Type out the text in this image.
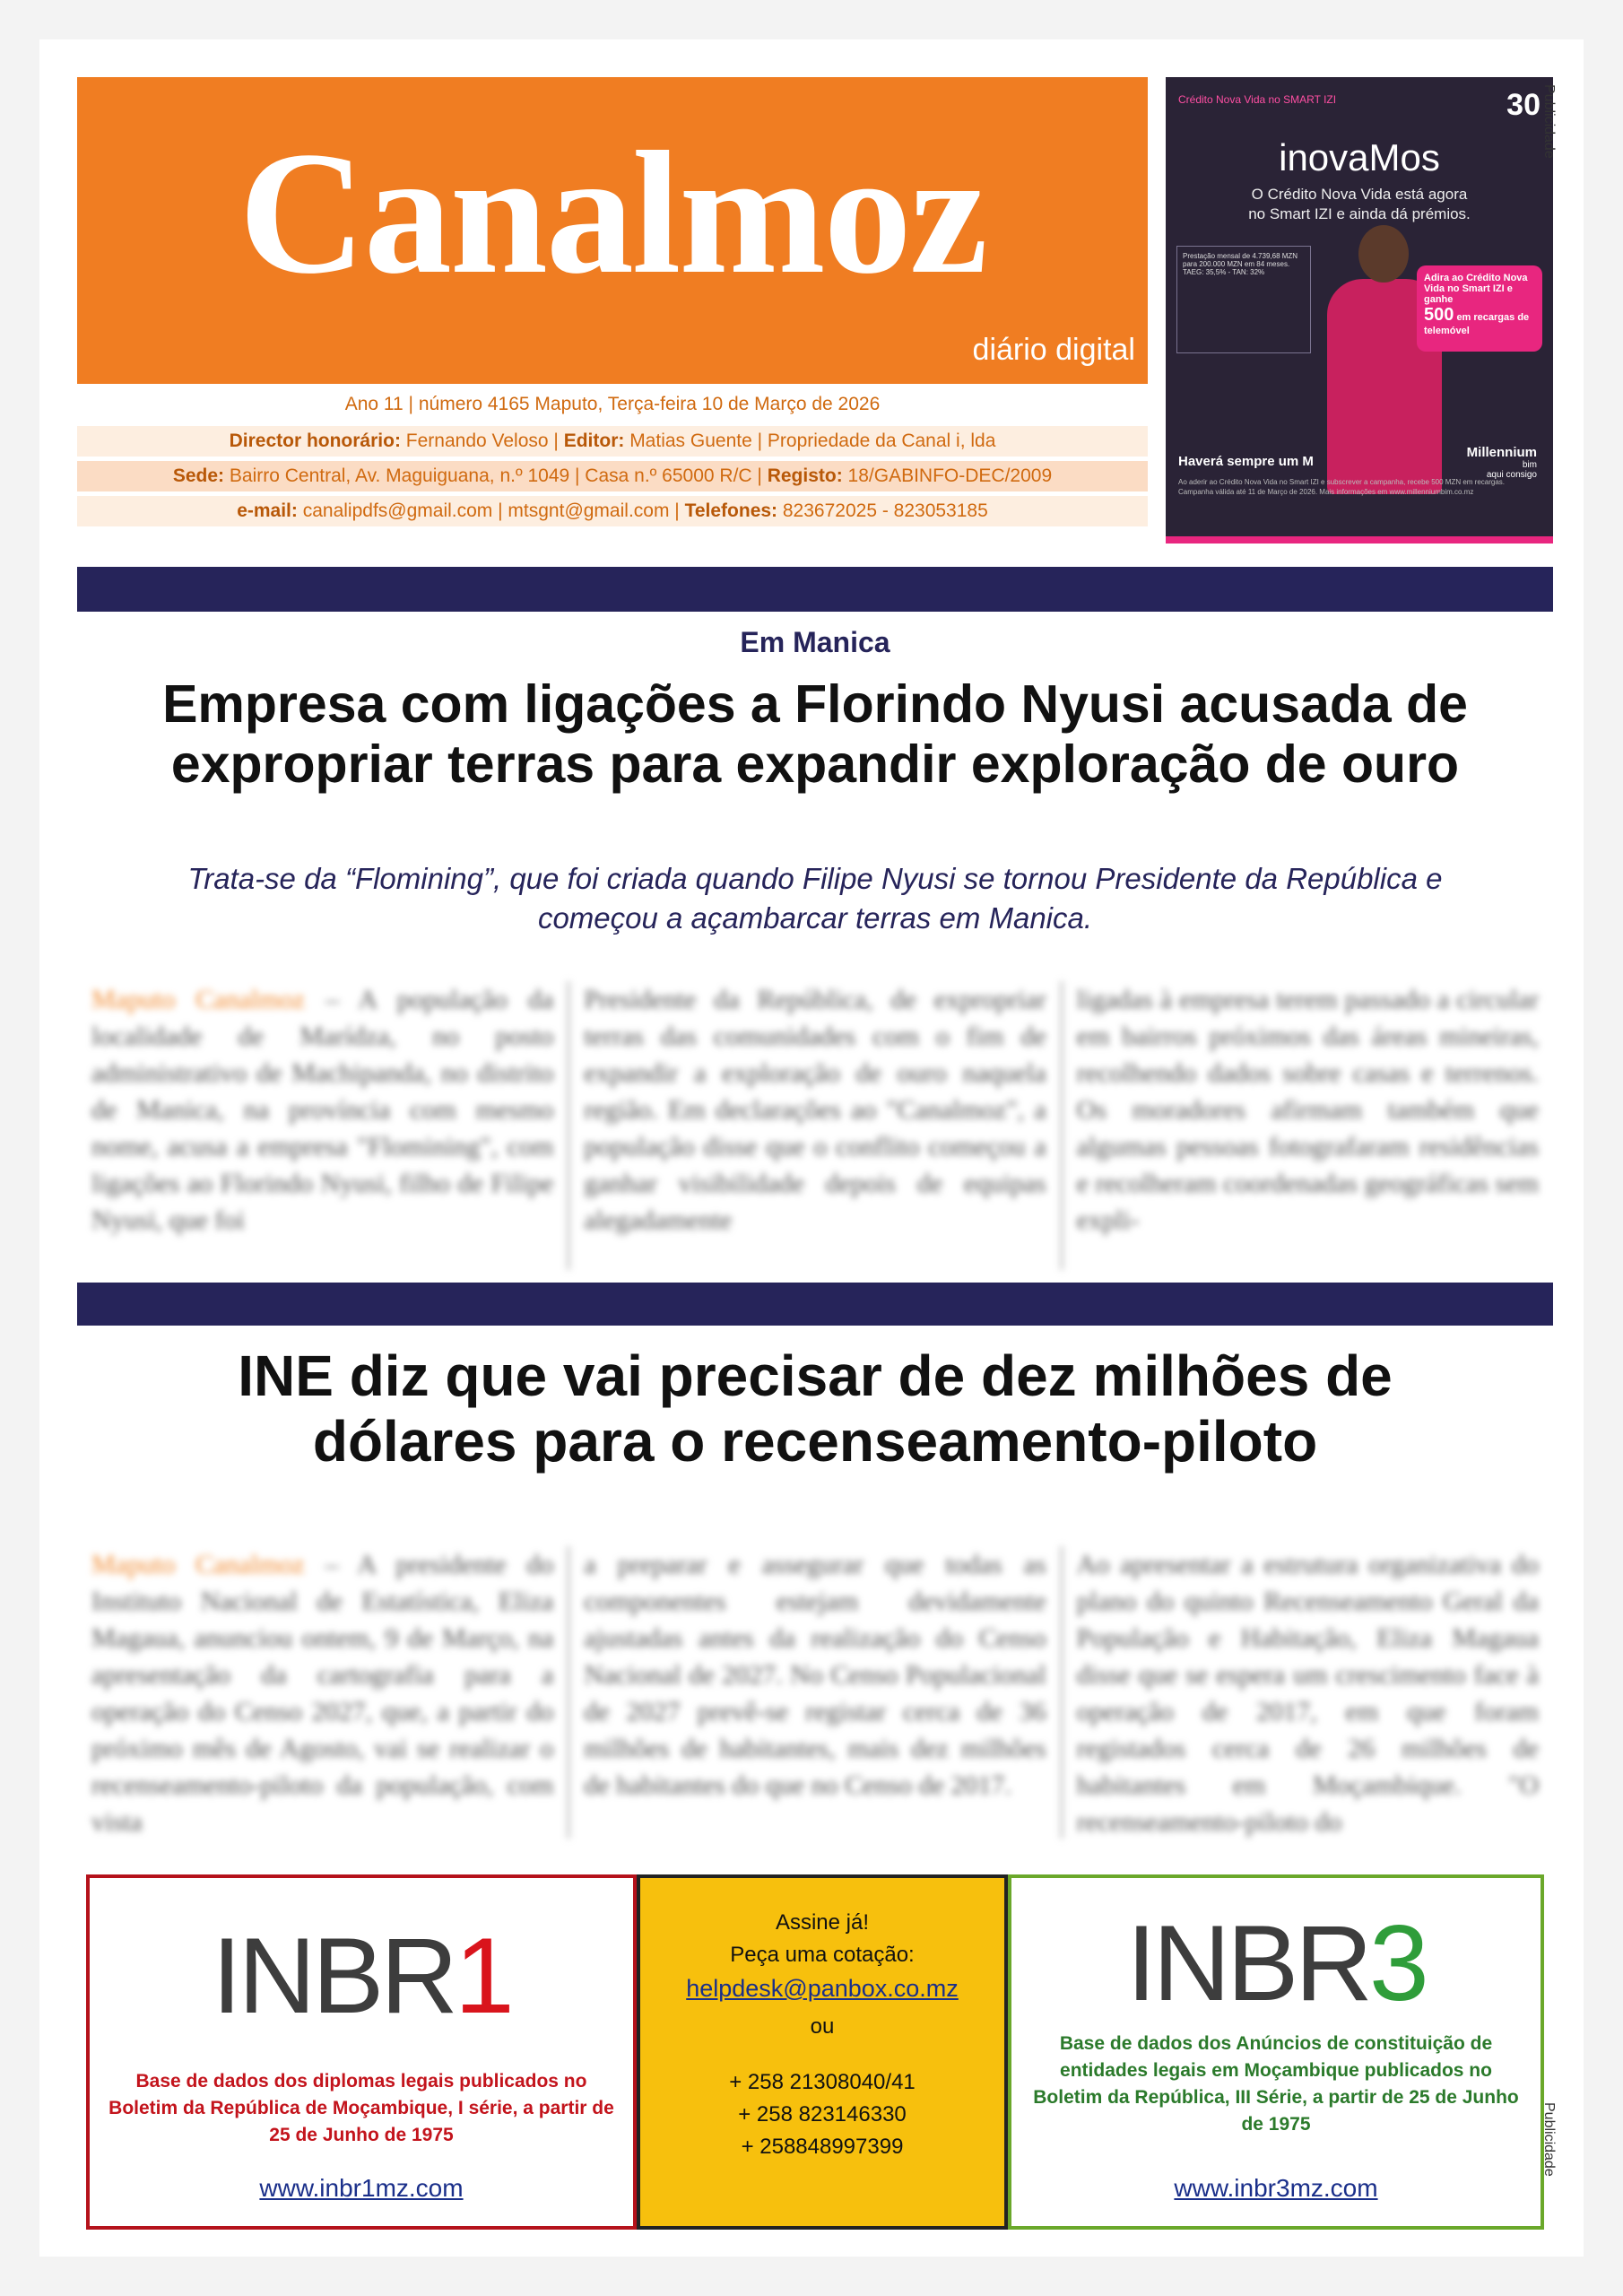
Canalmoz
diário digital
Ano 11 | número 4165 Maputo, Terça-feira 10 de Março de 2026
Director honorário: Fernando Veloso | Editor: Matias Guente | Propriedade da Canal i, lda
Sede: Bairro Central, Av. Maguiguana, n.º 1049 | Casa n.º 65000 R/C | Registo: 18/GABINFO-DEC/2009
e-mail: canalipdfs@gmail.com | mtsgnt@gmail.com | Telefones: 823672025 - 823053185
Crédito Nova Vida no SMART IZI	30
inovaMos
O Crédito Nova Vida está agora
no Smart IZI e ainda dá prémios.
Prestação mensal de 4.739,68 MZN para 200.000 MZN em 84 meses. TAEG: 35,5% - TAN: 32%
Adira ao Crédito Nova Vida no Smart IZI e ganhe
500 em recargas de telemóvel
Haverá sempre um M
Millennium
bim
aqui consigo
Ao aderir ao Crédito Nova Vida no Smart IZI e subscrever a campanha, recebe 500 MZN em recargas. Campanha válida até 11 de Março de 2026. Mais informações em www.millenniumbim.co.mz
Publicidade
Em Manica
Empresa com ligações a Florindo Nyusi acusada de
expropriar terras para expandir exploração de ouro
Trata-se da “Flomining”, que foi criada quando Filipe Nyusi se tornou Presidente da República e
começou a açambarcar terras em Manica.
Maputo Canalmoz – A população da localidade de Marídza, no posto administrativo de Machipanda, no distrito de Manica, na província com mesmo nome, acusa a empresa "Flomining", com ligações ao Florindo Nyusi, filho de Filipe Nyusi, que foi
Presidente da República, de expropriar terras das comunidades com o fim de expandir a exploração de ouro naquela região. Em declarações ao "Canalmoz", a população disse que o conflito começou a ganhar visibilidade depois de equipas alegadamente
ligadas à empresa terem passado a circular em bairros próximos das áreas mineiras, recolhendo dados sobre casas e terrenos. Os moradores afirmam também que algumas pessoas fotografaram residências e recolheram coordenadas geográficas sem expli-
INE diz que vai precisar de dez milhões de
dólares para o recenseamento-piloto
Maputo Canalmoz – A presidente do Instituto Nacional de Estatística, Eliza Magaua, anunciou ontem, 9 de Março, na apresentação da cartografia para a operação do Censo 2027, que, a partir do próximo mês de Agosto, vai se realizar o recenseamento-piloto da população, com vista
a preparar e assegurar que todas as componentes estejam devidamente ajustadas antes da realização do Censo Nacional de 2027. No Censo Populacional de 2027 prevê-se registar cerca de 36 milhões de habitantes, mais dez milhões de habitantes do que no Censo de 2017.
Ao apresentar a estrutura organizativa do plano do quinto Recenseamento Geral da População e Habitação, Eliza Magaua disse que se espera um crescimento face à operação de 2017, em que foram registados cerca de 26 milhões de habitantes em Moçambique. "O recenseamento-piloto do
INBR1
Base de dados dos diplomas legais publicados no Boletim da República de Moçambique, I série, a partir de 25 de Junho de 1975
www.inbr1mz.com
Assine já!
Peça uma cotação:
helpdesk@panbox.co.mz
ou
+ 258 21308040/41
+ 258 823146330
+ 258848997399
INBR3
Base de dados dos Anúncios de constituição de entidades legais em Moçambique publicados no Boletim da República, III Série, a partir de 25 de Junho de 1975
www.inbr3mz.com
Publicidade
